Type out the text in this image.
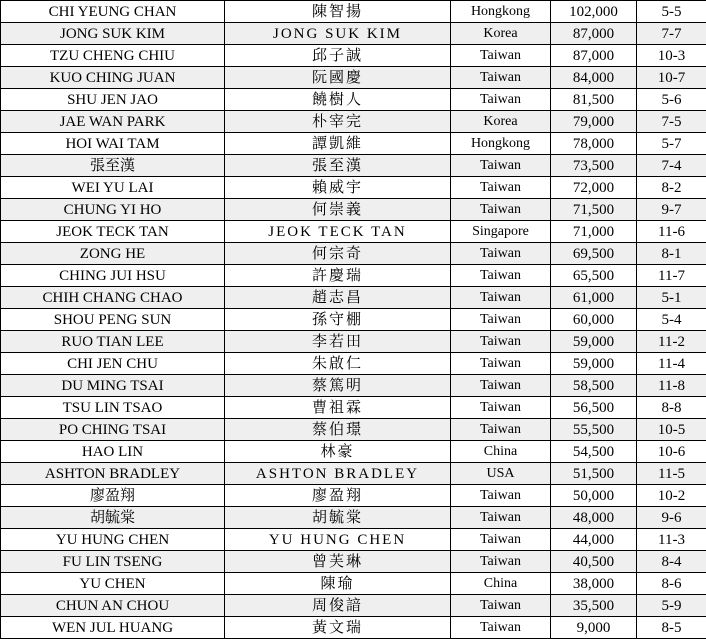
CHI YEUNG CHAN	陳智揚	Hongkong	102,000	5-5
JONG SUK KIM	JONG SUK KIM	Korea	87,000	7-7
TZU CHENG CHIU	邱子誠	Taiwan	87,000	10-3
KUO CHING JUAN	阮國慶	Taiwan	84,000	10-7
SHU JEN JAO	饒樹人	Taiwan	81,500	5-6
JAE WAN PARK	朴宰完	Korea	79,000	7-5
HOI WAI TAM	譚凱維	Hongkong	78,000	5-7
張至漢	張至漢	Taiwan	73,500	7-4
WEI YU LAI	賴威宇	Taiwan	72,000	8-2
CHUNG YI HO	何崇義	Taiwan	71,500	9-7
JEOK TECK TAN	JEOK TECK TAN	Singapore	71,000	11-6
ZONG HE	何宗奇	Taiwan	69,500	8-1
CHING JUI HSU	許慶瑞	Taiwan	65,500	11-7
CHIH CHANG CHAO	趙志昌	Taiwan	61,000	5-1
SHOU PENG SUN	孫守棚	Taiwan	60,000	5-4
RUO TIAN LEE	李若田	Taiwan	59,000	11-2
CHI JEN CHU	朱啟仁	Taiwan	59,000	11-4
DU MING TSAI	蔡篤明	Taiwan	58,500	11-8
TSU LIN TSAO	曹祖霖	Taiwan	56,500	8-8
PO CHING TSAI	蔡伯璟	Taiwan	55,500	10-5
HAO LIN	林豪	China	54,500	10-6
ASHTON BRADLEY	ASHTON BRADLEY	USA	51,500	11-5
廖盈翔	廖盈翔	Taiwan	50,000	10-2
胡毓棠	胡毓棠	Taiwan	48,000	9-6
YU HUNG CHEN	YU HUNG CHEN	Taiwan	44,000	11-3
FU LIN TSENG	曾芙琳	Taiwan	40,500	8-4
YU CHEN	陳瑜	China	38,000	8-6
CHUN AN CHOU	周俊諳	Taiwan	35,500	5-9
WEN JUL HUANG	黃文瑞	Taiwan	9,000	8-5
